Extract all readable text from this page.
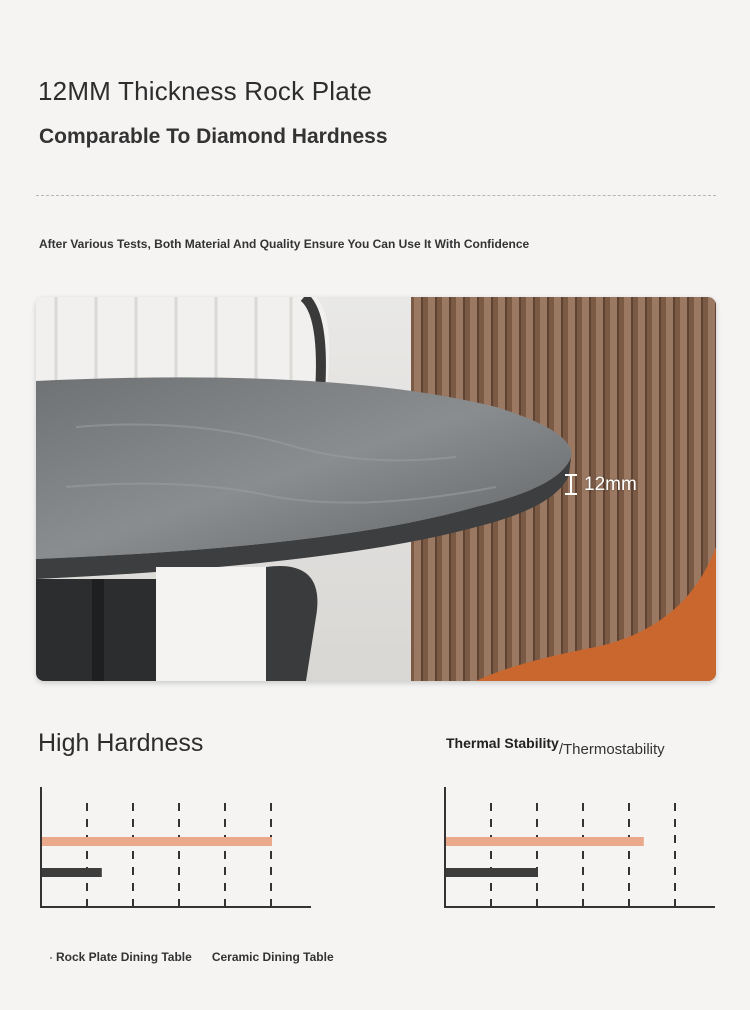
12MM Thickness Rock Plate
Comparable To Diamond Hardness
After Various Tests, Both Material And Quality Ensure You Can Use It With Confidence
12mm
High Hardness	Thermal Stability/Thermostability
Rock Plate Dining Table Ceramic Dining Table
